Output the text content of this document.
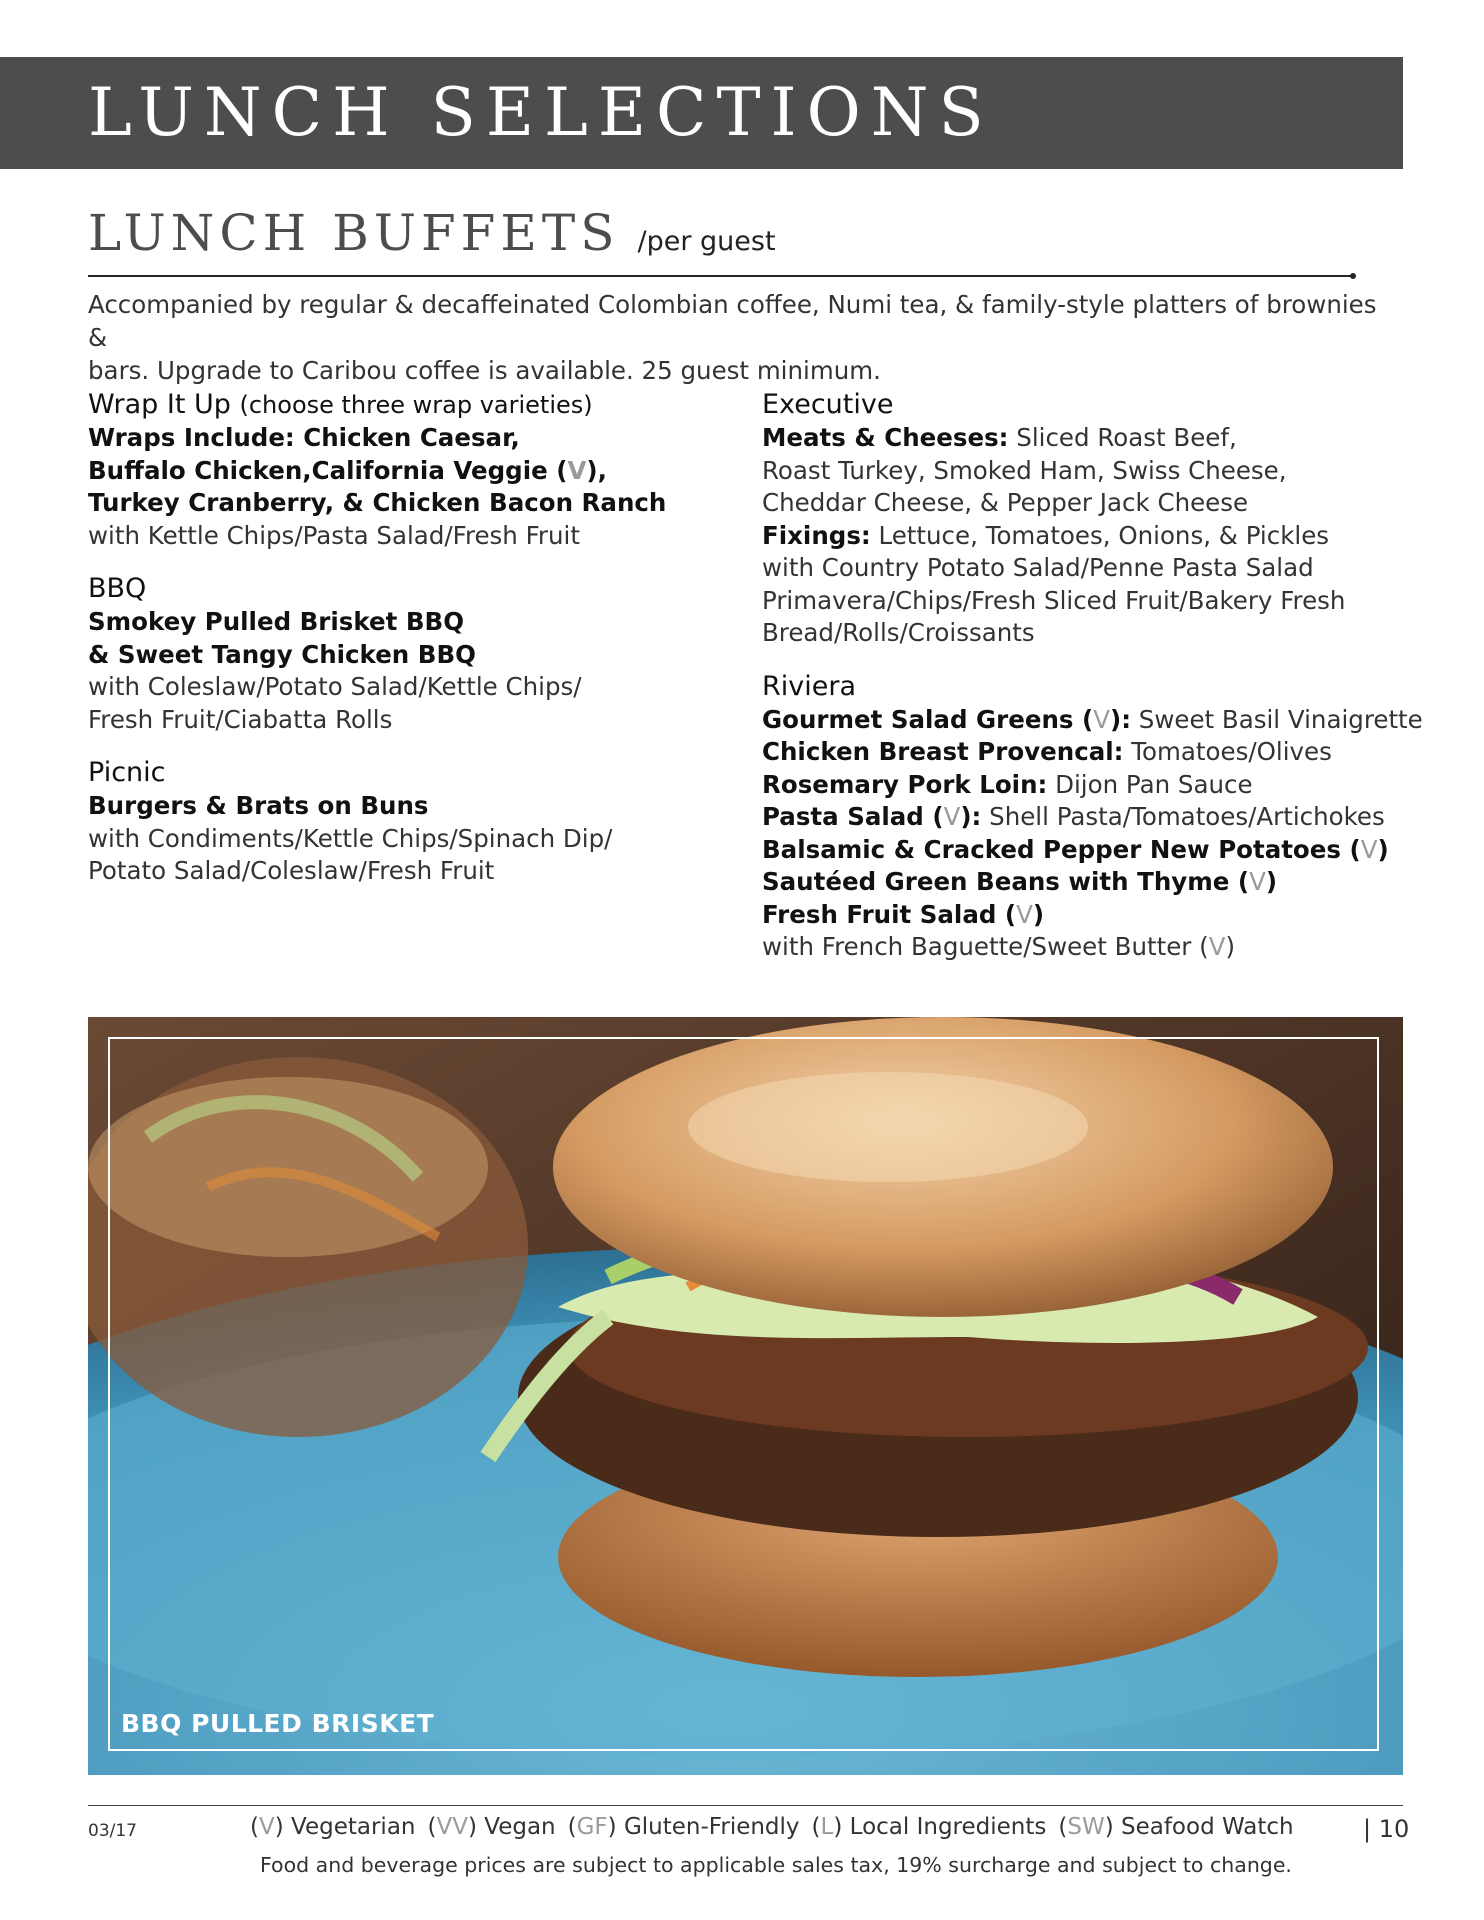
LUNCH SELECTIONS
LUNCH BUFFETS /per guest
Accompanied by regular & decaffeinated Colombian coffee, Numi tea, & family-style platters of brownies &
bars. Upgrade to Caribou coffee is available. 25 guest minimum.
Wrap It Up (choose three wrap varieties)
Wraps Include: Chicken Caesar,
Buffalo Chicken,California Veggie (V),
Turkey Cranberry, & Chicken Bacon Ranch
with Kettle Chips/Pasta Salad/Fresh Fruit
BBQ
Smokey Pulled Brisket BBQ
& Sweet Tangy Chicken BBQ
with Coleslaw/Potato Salad/Kettle Chips/
Fresh Fruit/Ciabatta Rolls
Picnic
Burgers & Brats on Buns
with Condiments/Kettle Chips/Spinach Dip/
Potato Salad/Coleslaw/Fresh Fruit
Executive
Meats & Cheeses: Sliced Roast Beef,
Roast Turkey, Smoked Ham, Swiss Cheese,
Cheddar Cheese, & Pepper Jack Cheese
Fixings: Lettuce, Tomatoes, Onions, & Pickles
with Country Potato Salad/Penne Pasta Salad
Primavera/Chips/Fresh Sliced Fruit/Bakery Fresh
Bread/Rolls/Croissants
Riviera
Gourmet Salad Greens (V): Sweet Basil Vinaigrette
Chicken Breast Provencal: Tomatoes/Olives
Rosemary Pork Loin: Dijon Pan Sauce
Pasta Salad (V): Shell Pasta/Tomatoes/Artichokes
Balsamic & Cracked Pepper New Potatoes (V)
Sautéed Green Beans with Thyme (V)
Fresh Fruit Salad (V)
with French Baguette/Sweet Butter (V)
BBQ PULLED BRISKET
03/17	(V) Vegetarian (VV) Vegan (GF) Gluten-Friendly (L) Local Ingredients (SW) Seafood Watch
Food and beverage prices are subject to applicable sales tax, 19% surcharge and subject to change.
| 10
